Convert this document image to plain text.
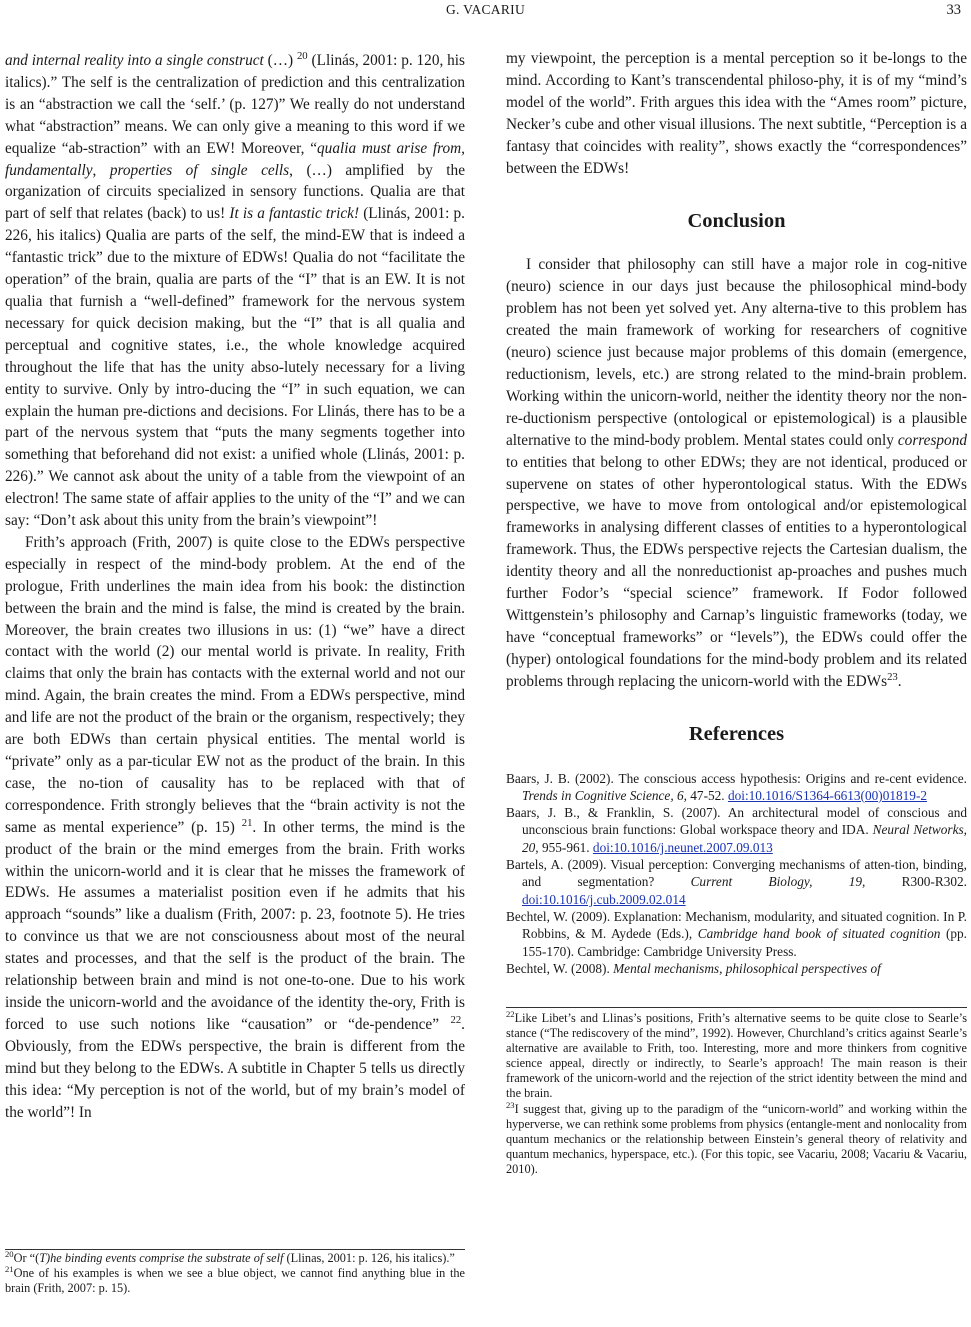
G. VACARIU	33

and internal reality into a single construct (…) $^{20}$ (Llinás, 2001: p. 120, his italics).” The self is the centralization of prediction and this centralization is an “abstraction we call the ‘self.’ (p. 127)” We really do not understand what “abstraction” means. We can only give a meaning to this word if we equalize “ab-straction” with an EW! Moreover, “qualia must arise from, fundamentally, properties of single cells, (…) amplified by the organization of circuits specialized in sensory functions. Qualia are that part of self that relates (back) to us! It is a fantastic trick! (Llinás, 2001: p. 226, his italics) Qualia are parts of the self, the mind-EW that is indeed a “fantastic trick” due to the mixture of EDWs! Qualia do not “facilitate the operation” of the brain, qualia are parts of the “I” that is an EW. It is not qualia that furnish a “well-defined” framework for the nervous system necessary for quick decision making, but the “I” that is all qualia and perceptual and cognitive states, i.e., the whole knowledge acquired throughout the life that has the unity abso-lutely necessary for a living entity to survive. Only by intro-ducing the “I” in such equation, we can explain the human pre-dictions and decisions. For Llinás, there has to be a part of the nervous system that “puts the many segments together into something that beforehand did not exist: a unified whole (Llinás, 2001: p. 226).” We cannot ask about the unity of a table from the viewpoint of an electron! The same state of affair applies to the unity of the “I” and we can say: “Don’t ask about this unity from the brain’s viewpoint”!

Frith’s approach (Frith, 2007) is quite close to the EDWs perspective especially in respect of the mind-body problem. At the end of the prologue, Frith underlines the main idea from his book: the distinction between the brain and the mind is false, the mind is created by the brain. Moreover, the brain creates two illusions in us: (1) “we” have a direct contact with the world (2) our mental world is private. In reality, Frith claims that only the brain has contacts with the external world and not our mind. Again, the brain creates the mind. From a EDWs perspective, mind and life are not the product of the brain or the organism, respectively; they are both EDWs than certain physical entities. The mental world is “private” only as a par-ticular EW not as the product of the brain. In this case, the no-tion of causality has to be replaced with that of correspondence. Frith strongly believes that the “brain activity is not the same as mental experience” (p. 15) $^{21}$. In other terms, the mind is the product of the brain or the mind emerges from the brain. Frith works within the unicorn-world and it is clear that he misses the framework of EDWs. He assumes a materialist position even if he admits that his approach “sounds” like a dualism (Frith, 2007: p. 23, footnote 5). He tries to convince us that we are not consciousness about most of the neural states and processes, and that the self is the product of the brain. The relationship between brain and mind is not one-to-one. Due to his work inside the unicorn-world and the avoidance of the identity the-ory, Frith is forced to use such notions like “causation” or “de-pendence” $^{22}$. Obviously, from the EDWs perspective, the brain is different from the mind but they belong to the EDWs. A subtitle in Chapter 5 tells us directly this idea: “My perception is not of the world, but of my brain’s model of the world”! In

$^{20}$Or “(T)he binding events comprise the substrate of self (Llinas, 2001: p. 126, his italics).”

$^{21}$One of his examples is when we see a blue object, we cannot find anything blue in the brain (Frith, 2007: p. 15).

my viewpoint, the perception is a mental perception so it be-longs to the mind. According to Kant’s transcendental philoso-phy, it is of my “mind’s model of the world”. Frith argues this idea with the “Ames room” picture, Necker’s cube and other visual illusions. The next subtitle, “Perception is a fantasy that coincides with reality”, shows exactly the “correspondences” between the EDWs!

Conclusion

I consider that philosophy can still have a major role in cog-nitive (neuro) science in our days just because the philosophical mind-body problem has not been yet solved yet. Any alterna-tive to this problem has created the main framework of working for researchers of cognitive (neuro) science just because major problems of this domain (emergence, reductionism, levels, etc.) are strong related to the mind-brain problem. Working within the unicorn-world, neither the identity theory nor the non- re-ductionism perspective (ontological or epistemological) is a plausible alternative to the mind-body problem. Mental states could only correspond to entities that belong to other EDWs; they are not identical, produced or supervene on states of other hyperontological status. With the EDWs perspective, we have to move from ontological and/or epistemological frameworks in analysing different classes of entities to a hyperontological framework. Thus, the EDWs perspective rejects the Cartesian dualism, the identity theory and all the nonreductionist ap-proaches and pushes much further Fodor’s “special science” framework. If Fodor followed Wittgenstein’s philosophy and Carnap’s linguistic frameworks (today, we have “conceptual frameworks” or “levels”), the EDWs could offer the (hyper) ontological foundations for the mind-body problem and its related problems through replacing the unicorn-world with the EDWs$^{23}$.

References

Baars, J. B. (2002). The conscious access hypothesis: Origins and re-cent evidence. Trends in Cognitive Science, 6, 47-52. doi:10.1016/S1364-6613(00)01819-2

Baars, J. B., & Franklin, S. (2007). An architectural model of conscious and unconscious brain functions: Global workspace theory and IDA. Neural Networks, 20, 955-961. doi:10.1016/j.neunet.2007.09.013

Bartels, A. (2009). Visual perception: Converging mechanisms of atten-tion, binding, and segmentation? Current Biology, 19, R300-R302. doi:10.1016/j.cub.2009.02.014

Bechtel, W. (2009). Explanation: Mechanism, modularity, and situated cognition. In P. Robbins, & M. Aydede (Eds.), Cambridge hand book of situated cognition (pp. 155-170). Cambridge: Cambridge University Press.

Bechtel, W. (2008). Mental mechanisms, philosophical perspectives of

$^{22}$Like Libet’s and Llinas’s positions, Frith’s alternative seems to be quite close to Searle’s stance (“The rediscovery of the mind”, 1992). However, Churchland’s critics against Searle’s alternative are available to Frith, too. Interesting, more and more thinkers from cognitive science appeal, directly or indirectly, to Searle’s approach! The main reason is their framework of the unicorn-world and the rejection of the strict identity between the mind and the brain.

$^{23}$I suggest that, giving up to the paradigm of the “unicorn-world” and working within the hyperverse, we can rethink some problems from physics (entangle-ment and nonlocality from quantum mechanics or the relationship between Einstein’s general theory of relativity and quantum mechanics, hyperspace, etc.). (For this topic, see Vacariu, 2008; Vacariu & Vacariu, 2010).
